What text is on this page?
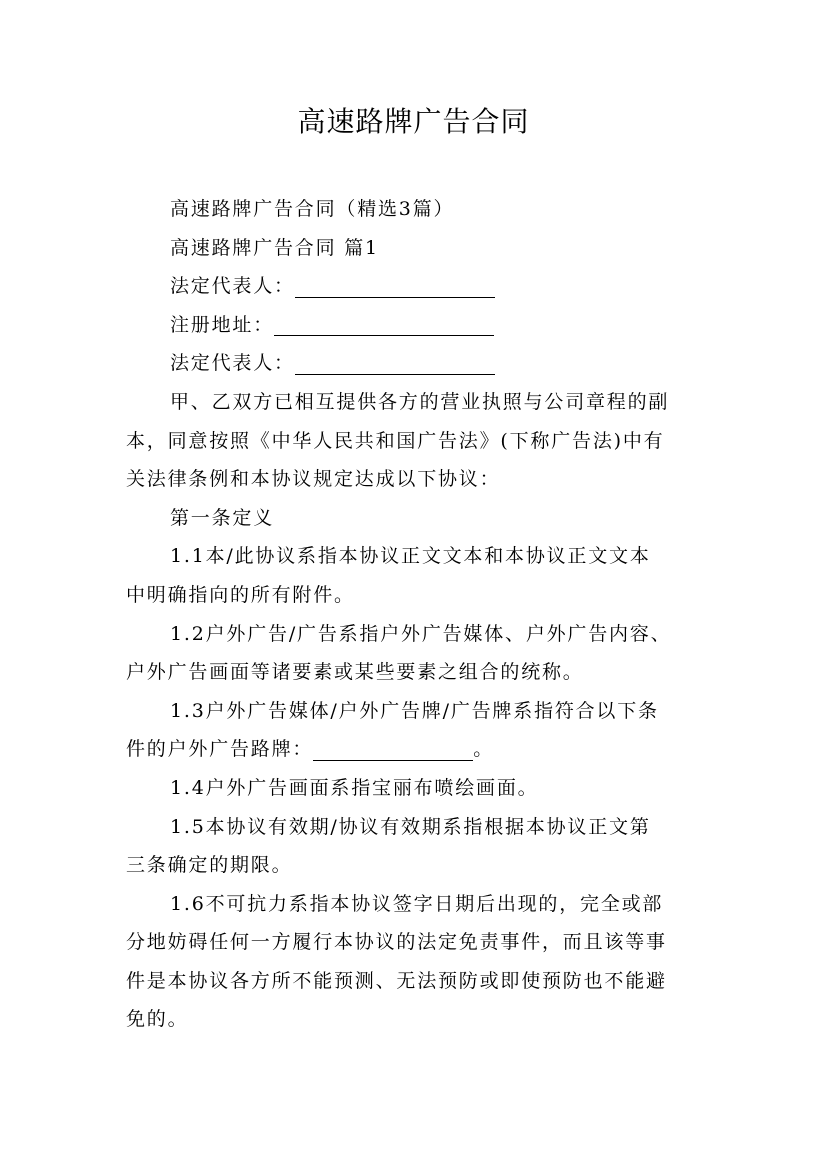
高速路牌广告合同
高速路牌广告合同（精选3篇）
高速路牌广告合同 篇1
法定代表人：
注册地址：
法定代表人：
甲、乙双方已相互提供各方的营业执照与公司章程的副
本，同意按照《中华人民共和国广告法》(下称广告法)中有
关法律条例和本协议规定达成以下协议：
第一条定义
1.1本/此协议系指本协议正文文本和本协议正文文本
中明确指向的所有附件。
1.2户外广告/广告系指户外广告媒体、户外广告内容、
户外广告画面等诸要素或某些要素之组合的统称。
1.3户外广告媒体/户外广告牌/广告牌系指符合以下条
件的户外广告路牌：	。
1.4户外广告画面系指宝丽布喷绘画面。
1.5本协议有效期/协议有效期系指根据本协议正文第
三条确定的期限。
1.6不可抗力系指本协议签字日期后出现的，完全或部
分地妨碍任何一方履行本协议的法定免责事件，而且该等事
件是本协议各方所不能预测、无法预防或即使预防也不能避
免的。
